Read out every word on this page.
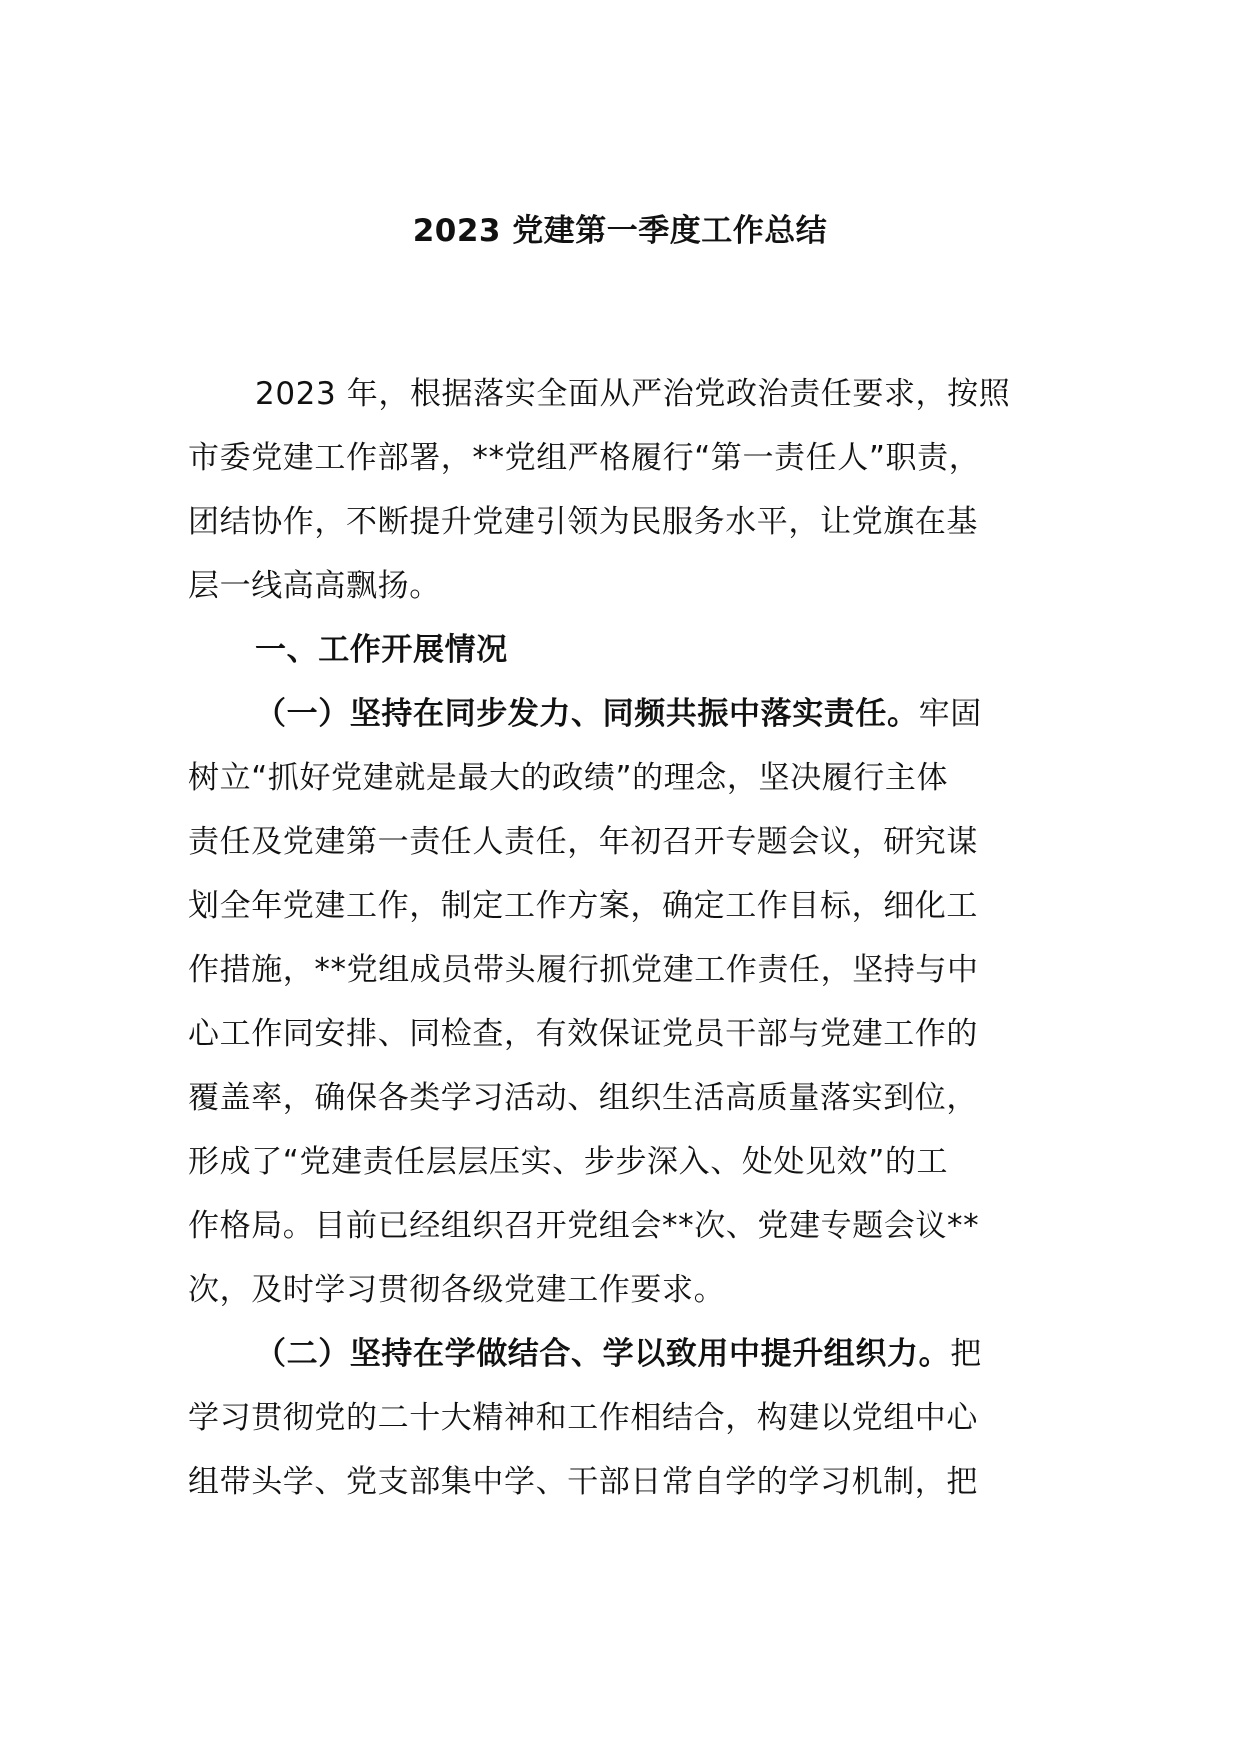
2023 党建第一季度工作总结
2023 年，根据落实全面从严治党政治责任要求，按照
市委党建工作部署，**党组严格履行“第一责任人”职责，
团结协作，不断提升党建引领为民服务水平，让党旗在基
层一线高高飘扬。
一、工作开展情况
（一）坚持在同步发力、同频共振中落实责任。牢固
树立“抓好党建就是最大的政绩”的理念，坚决履行主体
责任及党建第一责任人责任，年初召开专题会议，研究谋
划全年党建工作，制定工作方案，确定工作目标，细化工
作措施，**党组成员带头履行抓党建工作责任，坚持与中
心工作同安排、同检查，有效保证党员干部与党建工作的
覆盖率，确保各类学习活动、组织生活高质量落实到位，
形成了“党建责任层层压实、步步深入、处处见效”的工
作格局。目前已经组织召开党组会**次、党建专题会议**
次，及时学习贯彻各级党建工作要求。
（二）坚持在学做结合、学以致用中提升组织力。把
学习贯彻党的二十大精神和工作相结合，构建以党组中心
组带头学、党支部集中学、干部日常自学的学习机制，把
